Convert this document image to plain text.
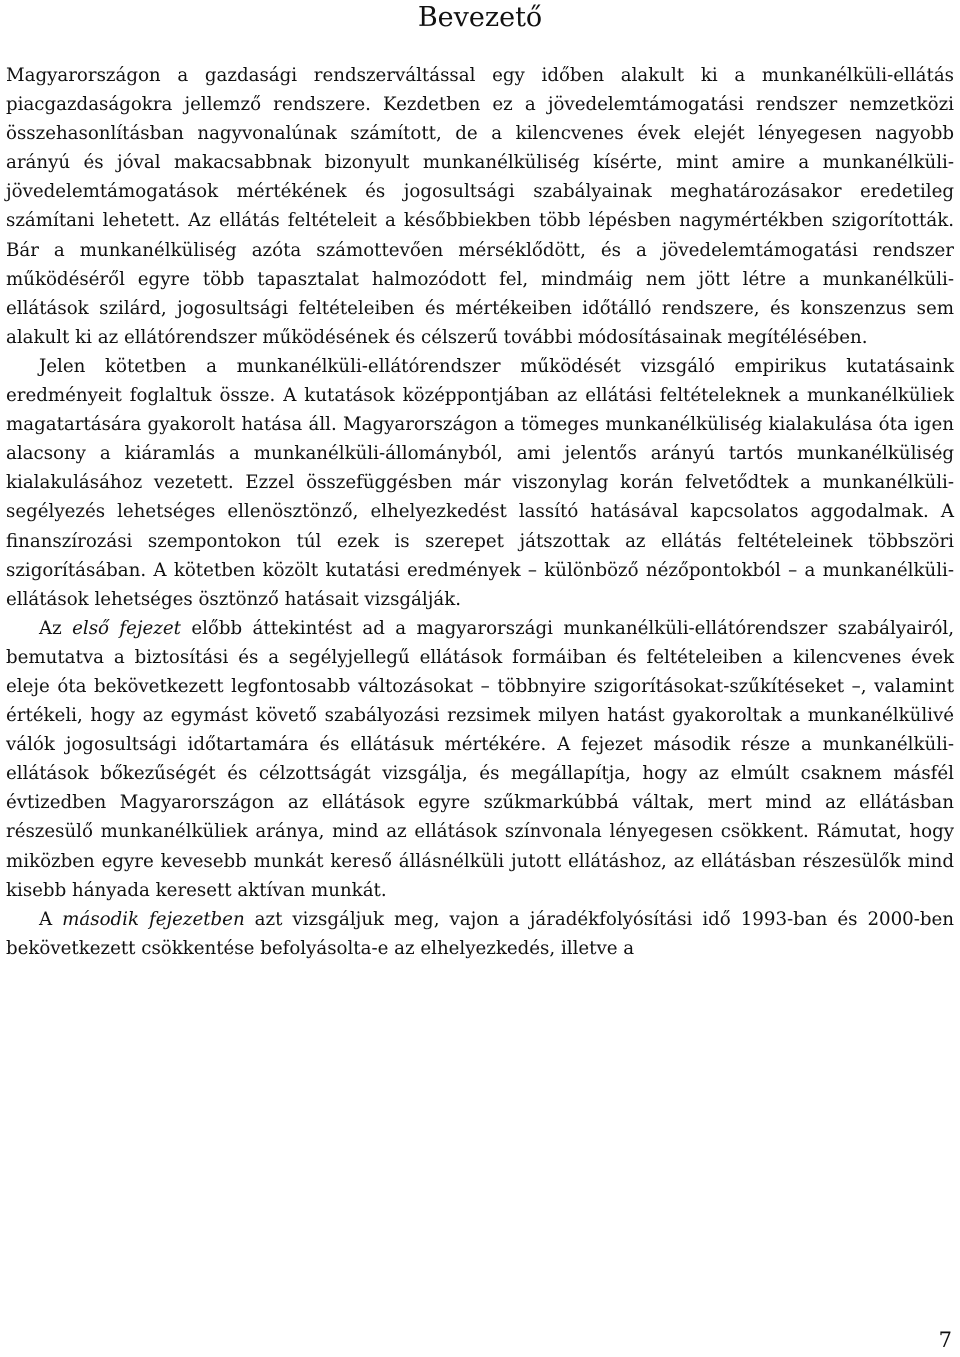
Bevezető

Magyarországon a gazdasági rendszerváltással egy időben alakult ki a munkanélküli-ellátás piacgazdaságokra jellemző rendszere. Kezdetben ez a jövedelemtámogatási rendszer nemzetközi összehasonlításban nagyvonalúnak számított, de a kilencvenes évek elejét lényegesen nagyobb arányú és jóval makacsabbnak bizonyult munkanélküliség kísérte, mint amire a munkanélküli-jövedelemtámogatások mértékének és jogosultsági szabályainak meghatározásakor eredetileg számítani lehetett. Az ellátás feltételeit a későbbiekben több lépésben nagymértékben szigorították. Bár a munkanélküliség azóta számottevően mérséklődött, és a jövedelemtámogatási rendszer működéséről egyre több tapasztalat halmozódott fel, mindmáig nem jött létre a munkanélküli-ellátások szilárd, jogosultsági feltételeiben és mértékeiben időtálló rendszere, és konszenzus sem alakult ki az ellátórendszer működésének és célszerű további módosításainak megítélésében.

Jelen kötetben a munkanélküli-ellátórendszer működését vizsgáló empirikus kutatásaink eredményeit foglaltuk össze. A kutatások középpontjában az ellátási feltételeknek a munkanélküliek magatartására gyakorolt hatása áll. Magyarországon a tömeges munkanélküliség kialakulása óta igen alacsony a kiáramlás a munkanélküli-állományból, ami jelentős arányú tartós munkanélküliség kialakulásához vezetett. Ezzel összefüggésben már viszonylag korán felvetődtek a munkanélküli-segélyezés lehetséges ellenösztönző, elhelyezkedést lassító hatásával kapcsolatos aggodalmak. A finanszírozási szempontokon túl ezek is szerepet játszottak az ellátás feltételeinek többszöri szigorításában. A kötetben közölt kutatási eredmények – különböző nézőpontokból – a munkanélküli-ellátások lehetséges ösztönző hatásait vizsgálják.

Az első fejezet előbb áttekintést ad a magyarországi munkanélküli-ellátórendszer szabályairól, bemutatva a biztosítási és a segélyjellegű ellátások formáiban és feltételeiben a kilencvenes évek eleje óta bekövetkezett legfontosabb változásokat – többnyire szigorításokat-szűkítéseket –, valamint értékeli, hogy az egymást követő szabályozási rezsimek milyen hatást gyakoroltak a munkanélkülivé válók jogosultsági időtartamára és ellátásuk mértékére. A fejezet második része a munkanélküli-ellátások bőkezűségét és célzottságát vizsgálja, és megállapítja, hogy az elmúlt csaknem másfél évtizedben Magyarországon az ellátások egyre szűkmarkúbbá váltak, mert mind az ellátásban részesülő munkanélküliek aránya, mind az ellátások színvonala lényegesen csökkent. Rámutat, hogy miközben egyre kevesebb munkát kereső állásnélküli jutott ellátáshoz, az ellátásban részesülők mind kisebb hányada keresett aktívan munkát.

A második fejezetben azt vizsgáljuk meg, vajon a járadékfolyósítási idő 1993-ban és 2000-ben bekövetkezett csökkentése befolyásolta-e az elhelyezkedés, illetve a

7
